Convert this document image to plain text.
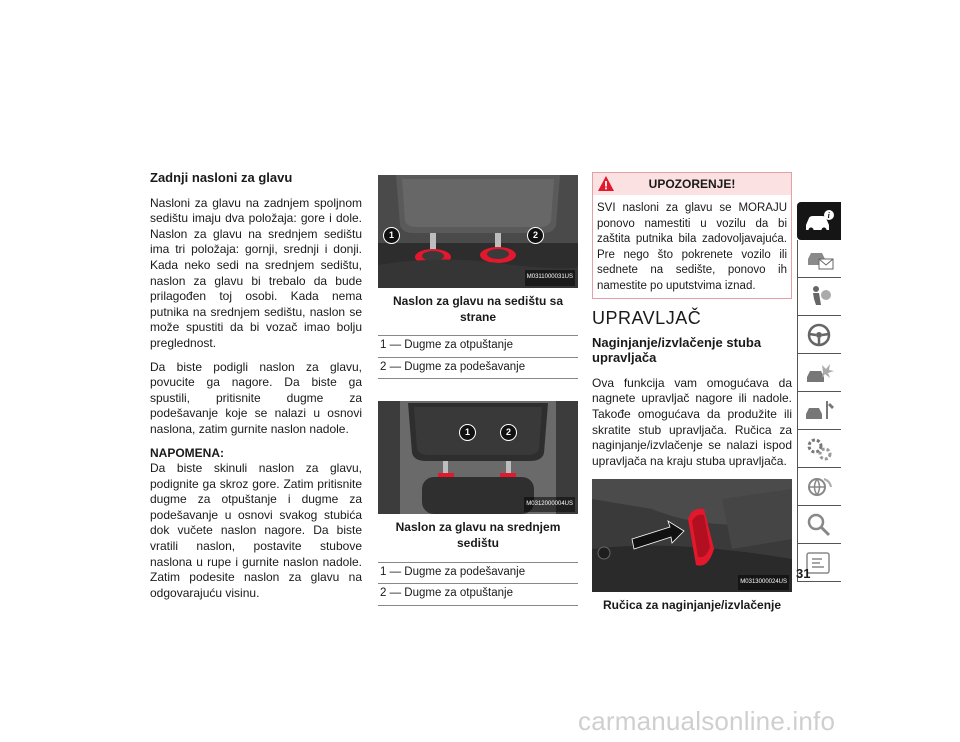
Zadnji nasloni za glavu

Nasloni za glavu na zadnjem spoljnom sedištu imaju dva položaja: gore i dole. Naslon za glavu na srednjem sedištu ima tri položaja: gornji, srednji i donji. Kada neko sedi na srednjem sedištu, naslon za glavu bi trebalo da bude prilagođen toj osobi. Kada nema putnika na srednjem sedištu, naslon se može spustiti da bi vozač imao bolju preglednost.

Da biste podigli naslon za glavu, povucite ga nagore. Da biste ga spustili, pritisnite dugme za podešavanje koje se nalazi u osnovi naslona, zatim gurnite naslon nadole.

NAPOMENA:

Da biste skinuli naslon za glavu, podignite ga skroz gore. Zatim pritisnite dugme za otpuštanje i dugme za podešavanje u osnovi svakog stubića dok vučete naslon nagore. Da biste vratili naslon, postavite stubove naslona u rupe i gurnite naslon nadole. Zatim podesite naslon za glavu na odgovarajuću visinu.

1	2
M0311000031US
Naslon za glavu na sedištu sa strane
1 — Dugme za otpuštanje
2 — Dugme za podešavanje
1	2
M0312000004US
Naslon za glavu na srednjem sedištu
1 — Dugme za podešavanje
2 — Dugme za otpuštanje
UPOZORENJE!
SVI nasloni za glavu se MORAJU ponovo namestiti u vozilu da bi zaštita putnika bila zadovoljavajuća. Pre nego što pokrenete vozilo ili sednete na sedište, ponovo ih namestite po uputstvima iznad.
UPRAVLJAČ
Naginjanje/izvlačenje stuba upravljača

Ova funkcija vam omogućava da nagnete upravljač nagore ili nadole. Takođe omogućava da produžite ili skratite stub upravljača. Ručica za naginjanje/izvlačenje se nalazi ispod upravljača na kraju stuba upravljača.

M0313000024US
Ručica za naginjanje/izvlačenje
i
31
carmanualsonline.info
